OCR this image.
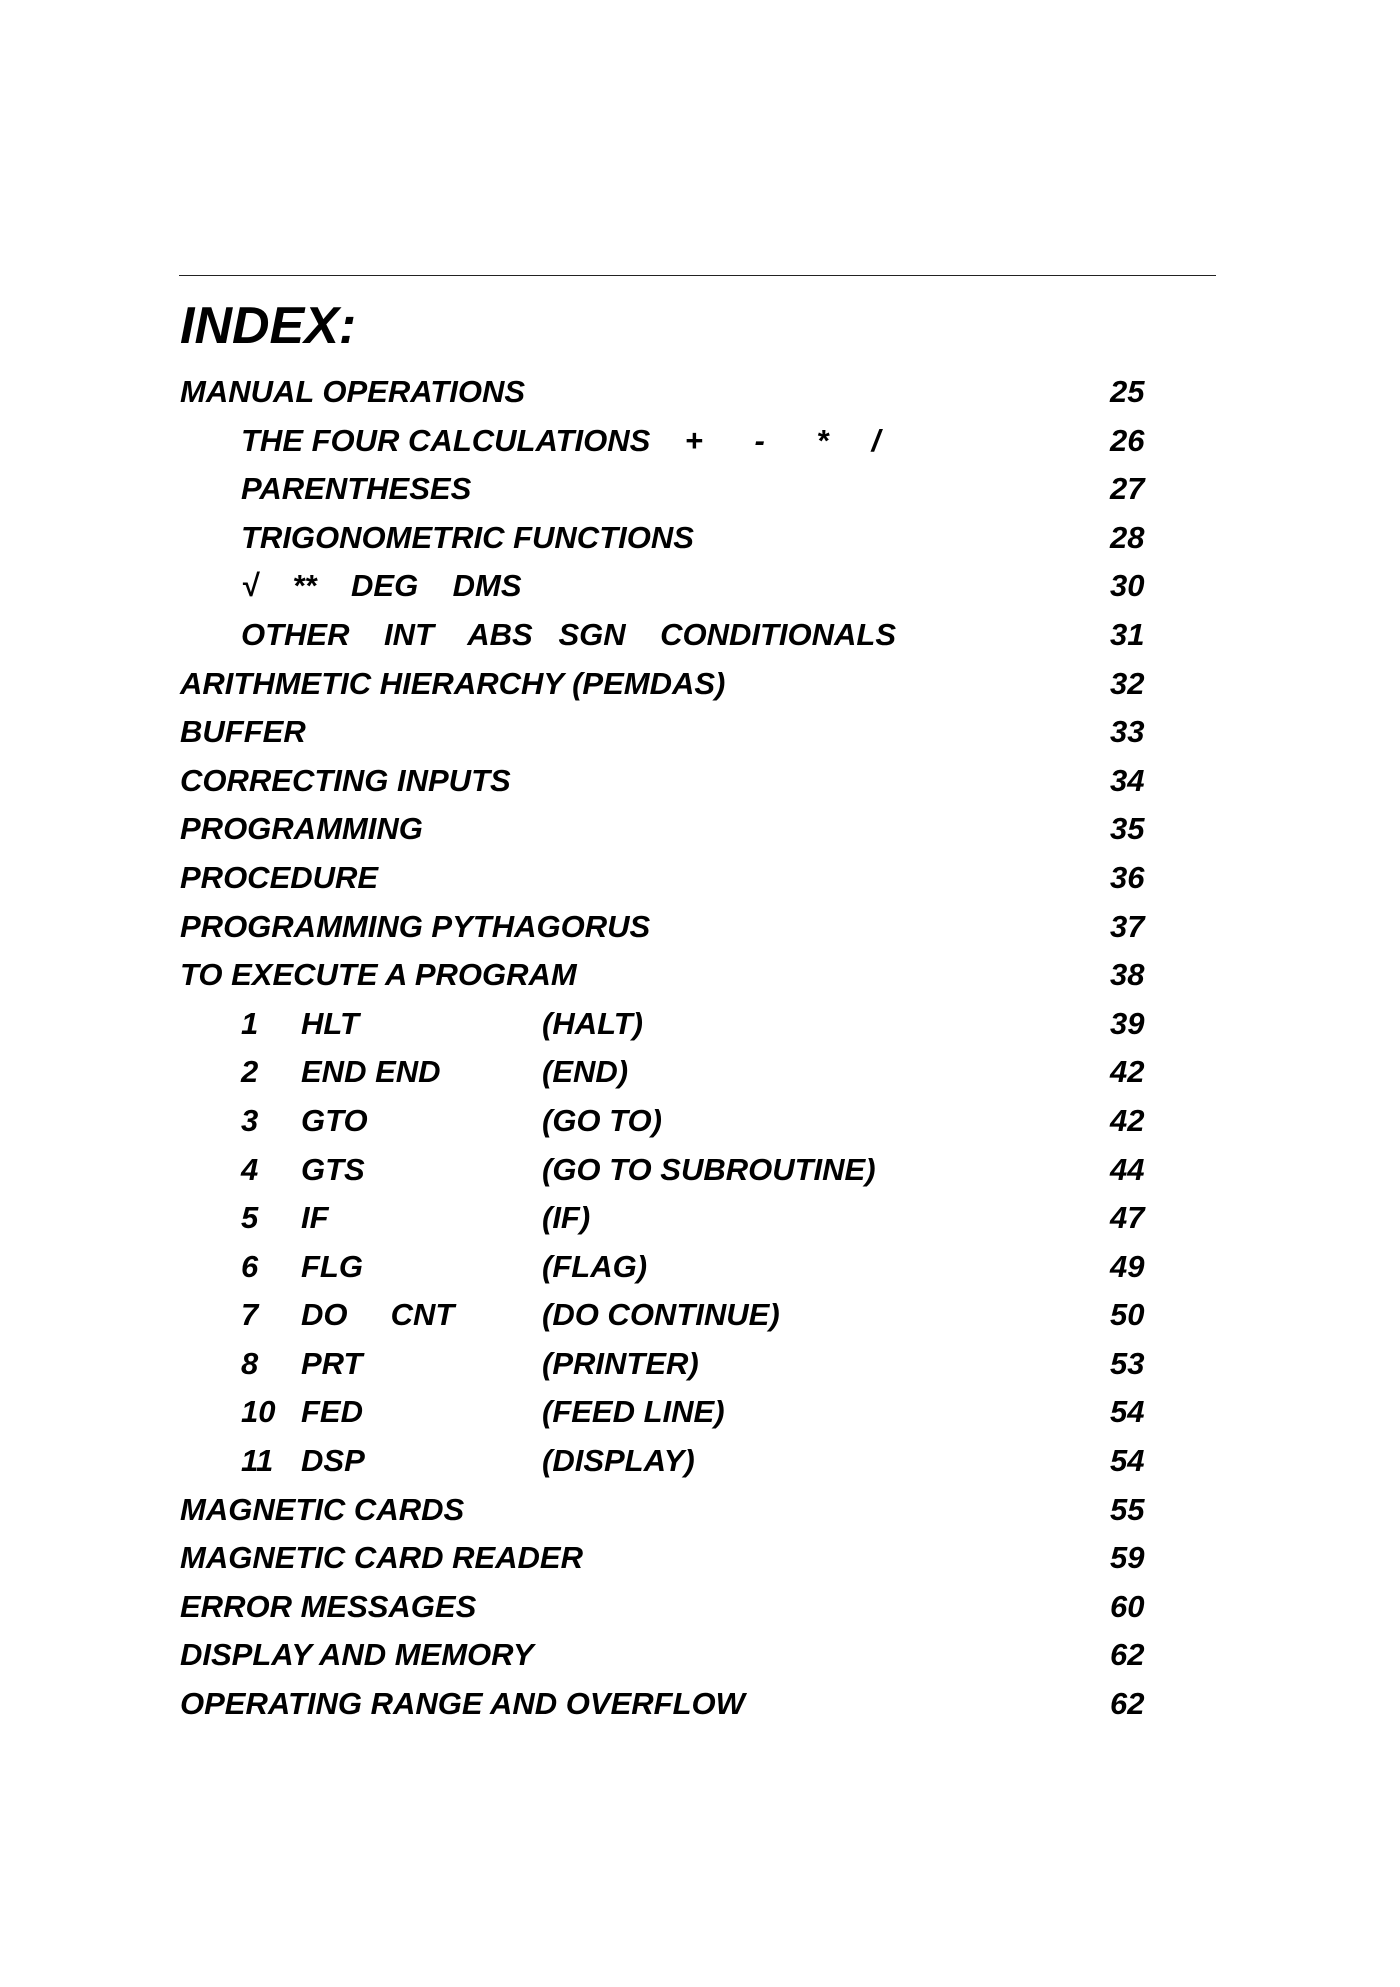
INDEX:
MANUAL OPERATIONS	25
THE FOUR CALCULATIONS    +      -      *     /	26
PARENTHESES	27
TRIGONOMETRIC FUNCTIONS	28
√    **    DEG    DMS	30
OTHER    INT    ABS   SGN    CONDITIONALS	31
ARITHMETIC HIERARCHY (PEMDAS)	32
BUFFER	33
CORRECTING INPUTS	34
PROGRAMMING	35
PROCEDURE	36
PROGRAMMING PYTHAGORUS	37
TO EXECUTE A PROGRAM	38
1 HLT	(HALT)	39
2 END END	(END)	42
3 GTO	(GO TO)	42
4 GTS	(GO TO SUBROUTINE)	44
5 IF	(IF)	47
6 FLG	(FLAG)	49
7 DO     CNT	(DO CONTINUE)	50
8 PRT	(PRINTER)	53
10 FED	(FEED LINE)	54
11 DSP	(DISPLAY)	54
MAGNETIC CARDS	55
MAGNETIC CARD READER	59
ERROR MESSAGES	60
DISPLAY AND MEMORY	62
OPERATING RANGE AND OVERFLOW	62
